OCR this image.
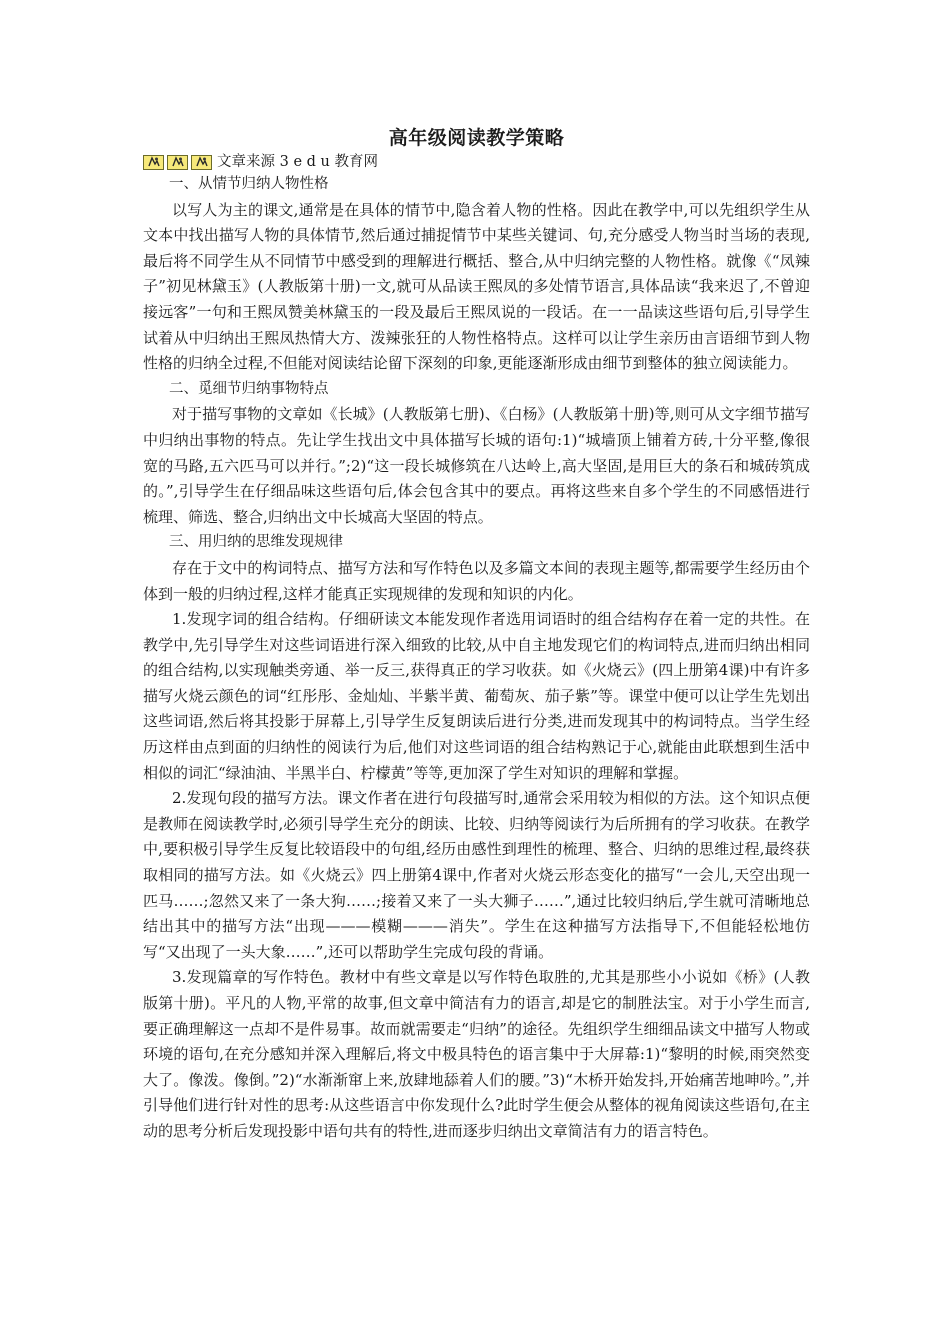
高年级阅读教学策略
文章来源 3 e d u 教育网

一、从情节归纳人物性格

以写人为主的课文,通常是在具体的情节中,隐含着人物的性格。因此在教学中,可以先组织学生从文本中找出描写人物的具体情节,然后通过捕捉情节中某些关键词、句,充分感受人物当时当场的表现,最后将不同学生从不同情节中感受到的理解进行概括、整合,从中归纳完整的人物性格。就像《“凤辣子”初见林黛玉》(人教版第十册)一文,就可从品读王熙凤的多处情节语言,具体品读“我来迟了,不曾迎接远客”一句和王熙凤赞美林黛玉的一段及最后王熙凤说的一段话。在一一品读这些语句后,引导学生试着从中归纳出王熙凤热情大方、泼辣张狂的人物性格特点。这样可以让学生亲历由言语细节到人物性格的归纳全过程,不但能对阅读结论留下深刻的印象,更能逐渐形成由细节到整体的独立阅读能力。

二、觅细节归纳事物特点

对于描写事物的文章如《长城》(人教版第七册)、《白杨》(人教版第十册)等,则可从文字细节描写中归纳出事物的特点。先让学生找出文中具体描写长城的语句:1)“城墙顶上铺着方砖,十分平整,像很宽的马路,五六匹马可以并行。”;2)“这一段长城修筑在八达岭上,高大坚固,是用巨大的条石和城砖筑成的。”,引导学生在仔细品味这些语句后,体会包含其中的要点。再将这些来自多个学生的不同感悟进行梳理、筛选、整合,归纳出文中长城高大坚固的特点。

三、用归纳的思维发现规律

存在于文中的构词特点、描写方法和写作特色以及多篇文本间的表现主题等,都需要学生经历由个体到一般的归纳过程,这样才能真正实现规律的发现和知识的内化。

1.发现字词的组合结构。仔细研读文本能发现作者选用词语时的组合结构存在着一定的共性。在教学中,先引导学生对这些词语进行深入细致的比较,从中自主地发现它们的构词特点,进而归纳出相同的组合结构,以实现触类旁通、举一反三,获得真正的学习收获。如《火烧云》(四上册第4课)中有许多描写火烧云颜色的词“红彤彤、金灿灿、半紫半黄、葡萄灰、茄子紫”等。课堂中便可以让学生先划出这些词语,然后将其投影于屏幕上,引导学生反复朗读后进行分类,进而发现其中的构词特点。当学生经历这样由点到面的归纳性的阅读行为后,他们对这些词语的组合结构熟记于心,就能由此联想到生活中相似的词汇“绿油油、半黑半白、柠檬黄”等等,更加深了学生对知识的理解和掌握。

2.发现句段的描写方法。课文作者在进行句段描写时,通常会采用较为相似的方法。这个知识点便是教师在阅读教学时,必须引导学生充分的朗读、比较、归纳等阅读行为后所拥有的学习收获。在教学中,要积极引导学生反复比较语段中的句组,经历由感性到理性的梳理、整合、归纳的思维过程,最终获取相同的描写方法。如《火烧云》四上册第4课中,作者对火烧云形态变化的描写“一会儿,天空出现一匹马……;忽然又来了一条大狗……;接着又来了一头大狮子……”,通过比较归纳后,学生就可清晰地总结出其中的描写方法“出现———模糊———消失”。学生在这种描写方法指导下,不但能轻松地仿写“又出现了一头大象……”,还可以帮助学生完成句段的背诵。

3.发现篇章的写作特色。教材中有些文章是以写作特色取胜的,尤其是那些小小说如《桥》(人教版第十册)。平凡的人物,平常的故事,但文章中简洁有力的语言,却是它的制胜法宝。对于小学生而言,要正确理解这一点却不是件易事。故而就需要走“归纳”的途径。先组织学生细细品读文中描写人物或环境的语句,在充分感知并深入理解后,将文中极具特色的语言集中于大屏幕:1)“黎明的时候,雨突然变大了。像泼。像倒。”2)“水渐渐窜上来,放肆地舔着人们的腰。”3)“木桥开始发抖,开始痛苦地呻吟。”,并引导他们进行针对性的思考:从这些语言中你发现什么?此时学生便会从整体的视角阅读这些语句,在主动的思考分析后发现投影中语句共有的特性,进而逐步归纳出文章简洁有力的语言特色。
